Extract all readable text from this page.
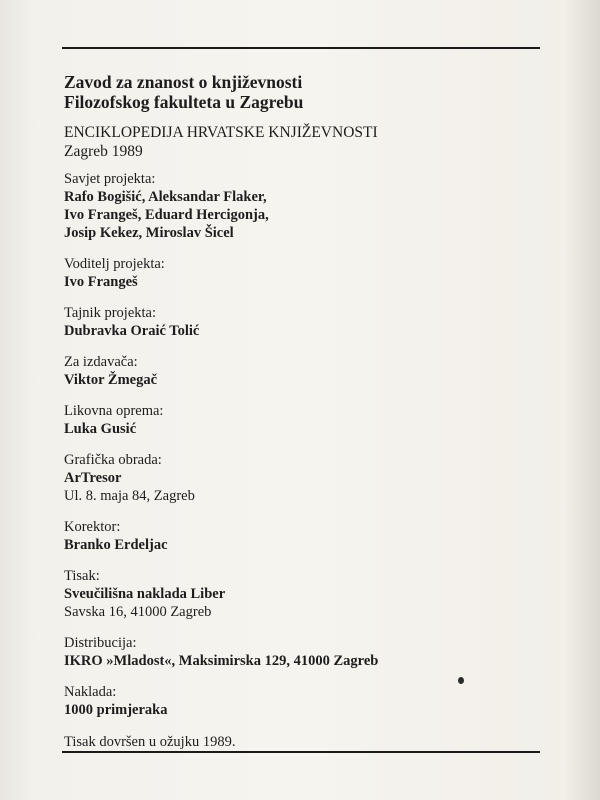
Zavod za znanost o književnosti

Filozofskog fakulteta u Zagrebu

ENCIKLOPEDIJA HRVATSKE KNJIŽEVNOSTI
Zagreb 1989
Savjet projekta:
Rafo Bogišić, Aleksandar Flaker,
Ivo Frangeš, Eduard Hercigonja,
Josip Kekez, Miroslav Šicel
Voditelj projekta:
Ivo Frangeš
Tajnik projekta:
Dubravka Oraić Tolić
Za izdavača:
Viktor Žmegač
Likovna oprema:
Luka Gusić
Grafička obrada:
ArTresor
Ul. 8. maja 84, Zagreb
Korektor:
Branko Erdeljac
Tisak:
Sveučilišna naklada Liber
Savska 16, 41000 Zagreb
Distribucija:
IKRO »Mladost«, Maksimirska 129, 41000 Zagreb
Naklada:
1000 primjeraka
Tisak dovršen u ožujku 1989.
